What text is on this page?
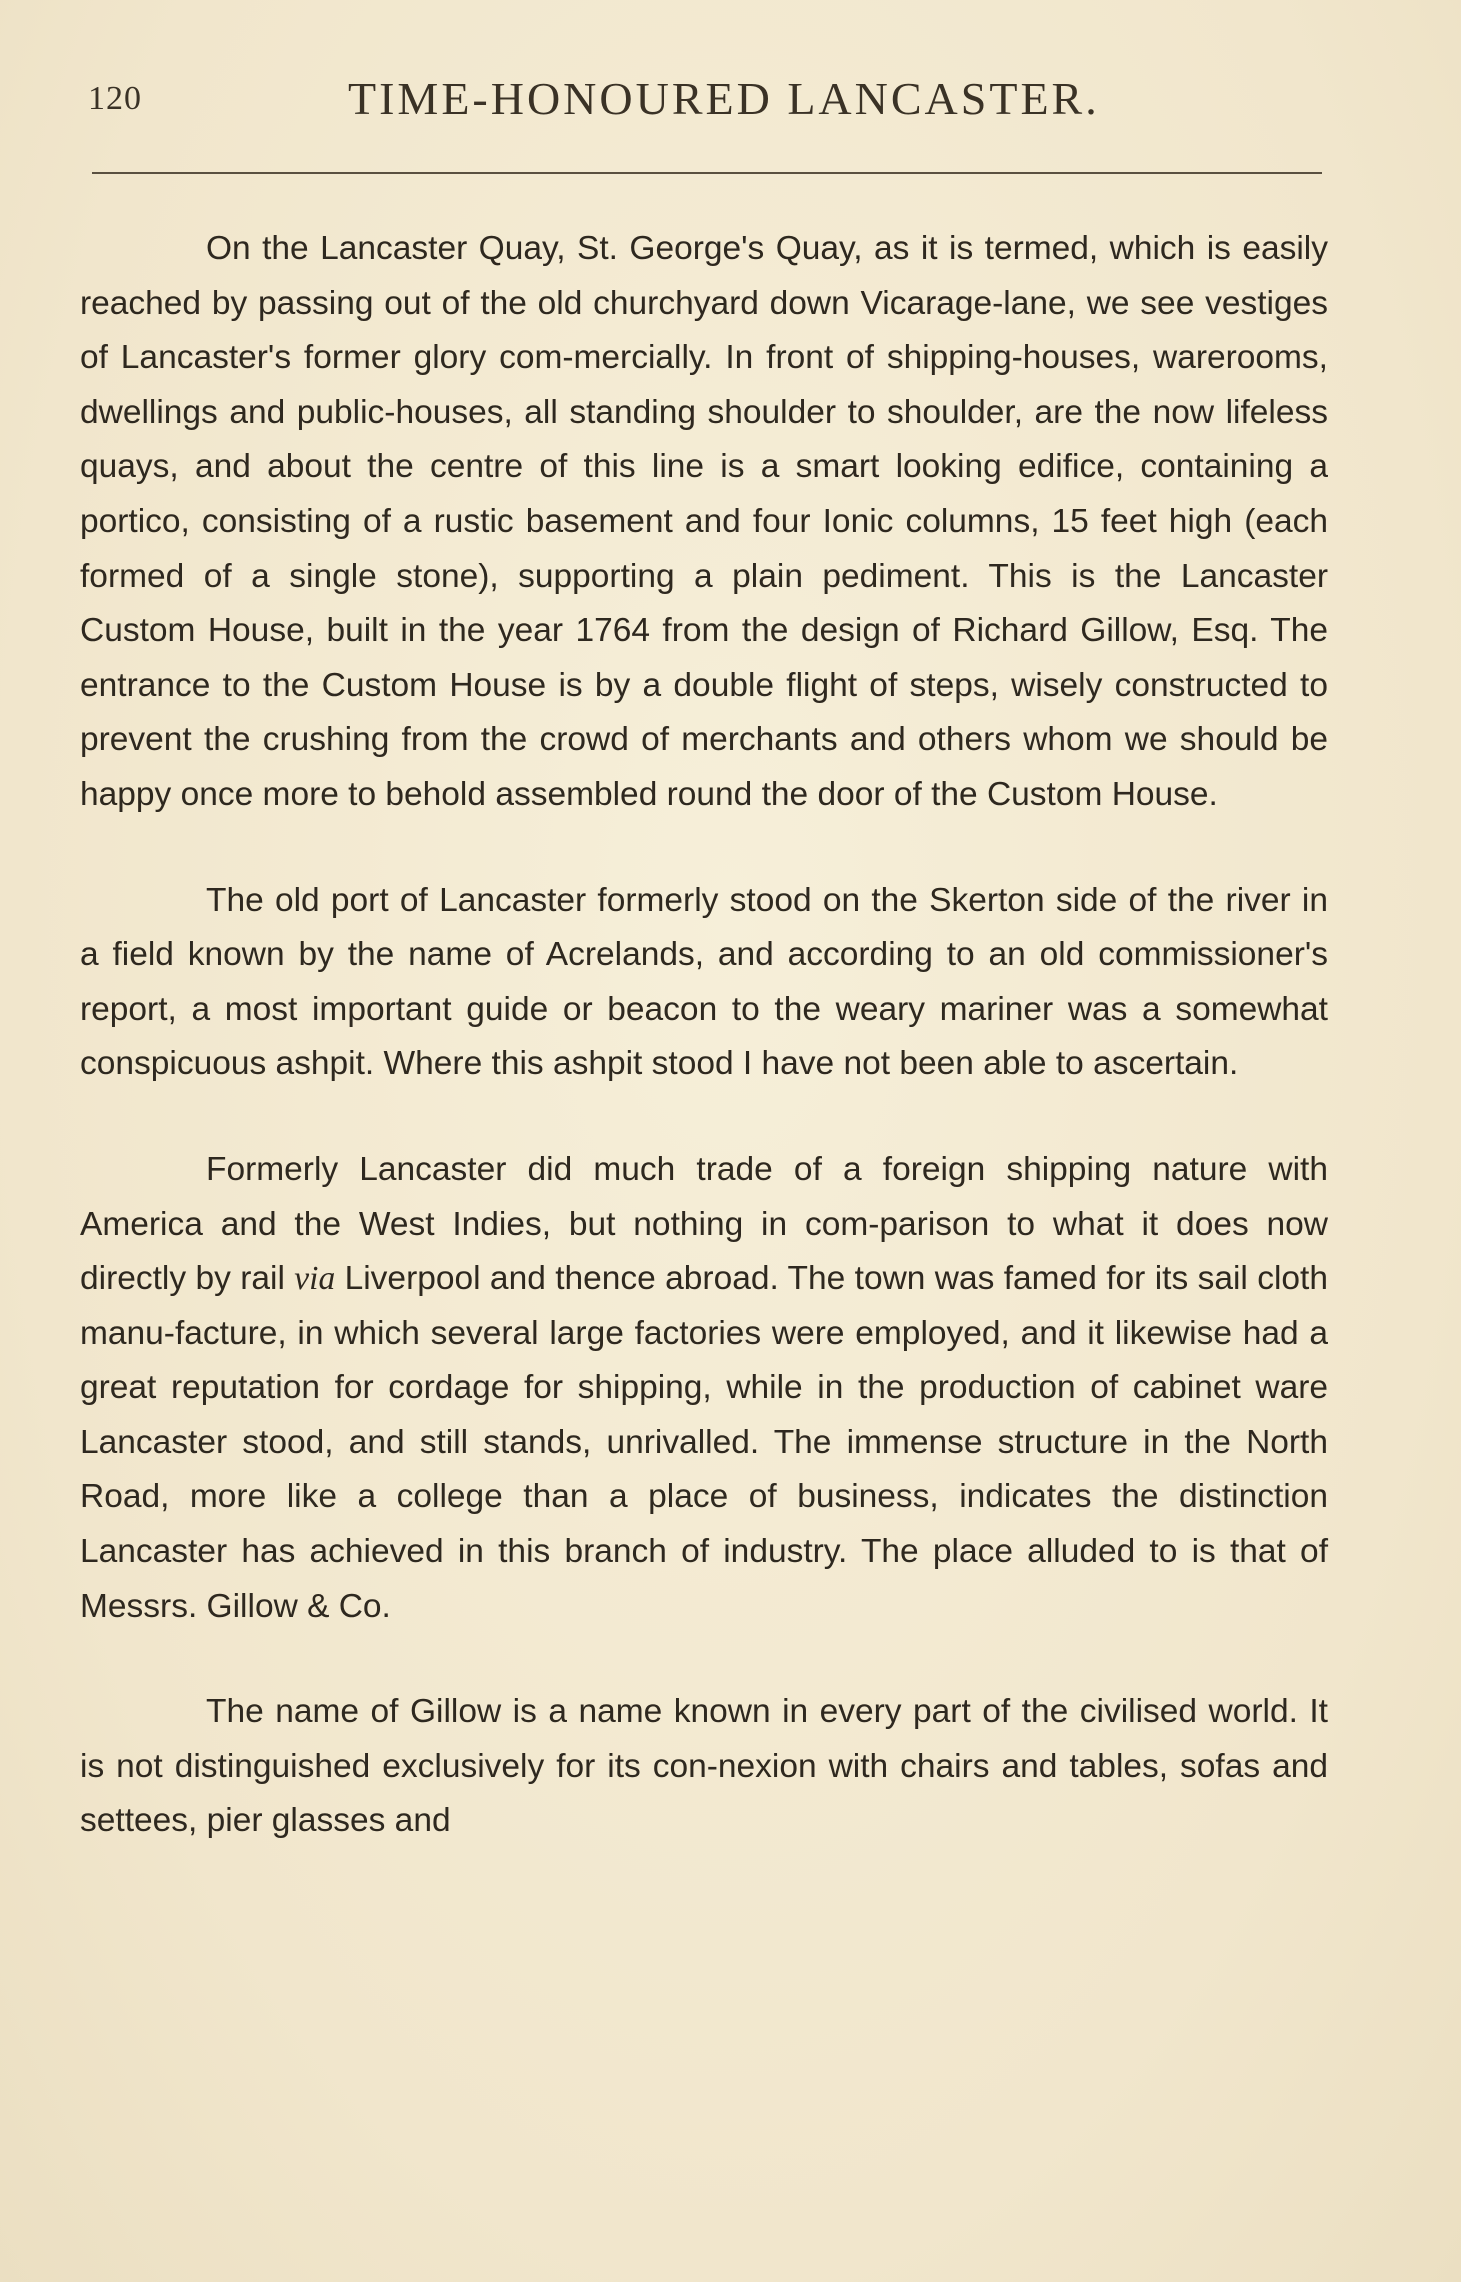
120	TIME-HONOURED LANCASTER.

On the Lancaster Quay, St. George's Quay, as it is termed, which is easily reached by passing out of the old churchyard down Vicarage-lane, we see vestiges of Lancaster's former glory com-mercially. In front of shipping-houses, warerooms, dwellings and public-houses, all standing shoulder to shoulder, are the now lifeless quays, and about the centre of this line is a smart looking edifice, containing a portico, consisting of a rustic basement and four Ionic columns, 15 feet high (each formed of a single stone), supporting a plain pediment. This is the Lancaster Custom House, built in the year 1764 from the design of Richard Gillow, Esq. The entrance to the Custom House is by a double flight of steps, wisely constructed to prevent the crushing from the crowd of merchants and others whom we should be happy once more to behold assembled round the door of the Custom House.

The old port of Lancaster formerly stood on the Skerton side of the river in a field known by the name of Acrelands, and according to an old commissioner's report, a most important guide or beacon to the weary mariner was a somewhat conspicuous ashpit. Where this ashpit stood I have not been able to ascertain.

Formerly Lancaster did much trade of a foreign shipping nature with America and the West Indies, but nothing in com-parison to what it does now directly by rail via Liverpool and thence abroad. The town was famed for its sail cloth manu-facture, in which several large factories were employed, and it likewise had a great reputation for cordage for shipping, while in the production of cabinet ware Lancaster stood, and still stands, unrivalled. The immense structure in the North Road, more like a college than a place of business, indicates the distinction Lancaster has achieved in this branch of industry. The place alluded to is that of Messrs. Gillow & Co.

The name of Gillow is a name known in every part of the civilised world. It is not distinguished exclusively for its con-nexion with chairs and tables, sofas and settees, pier glasses and
